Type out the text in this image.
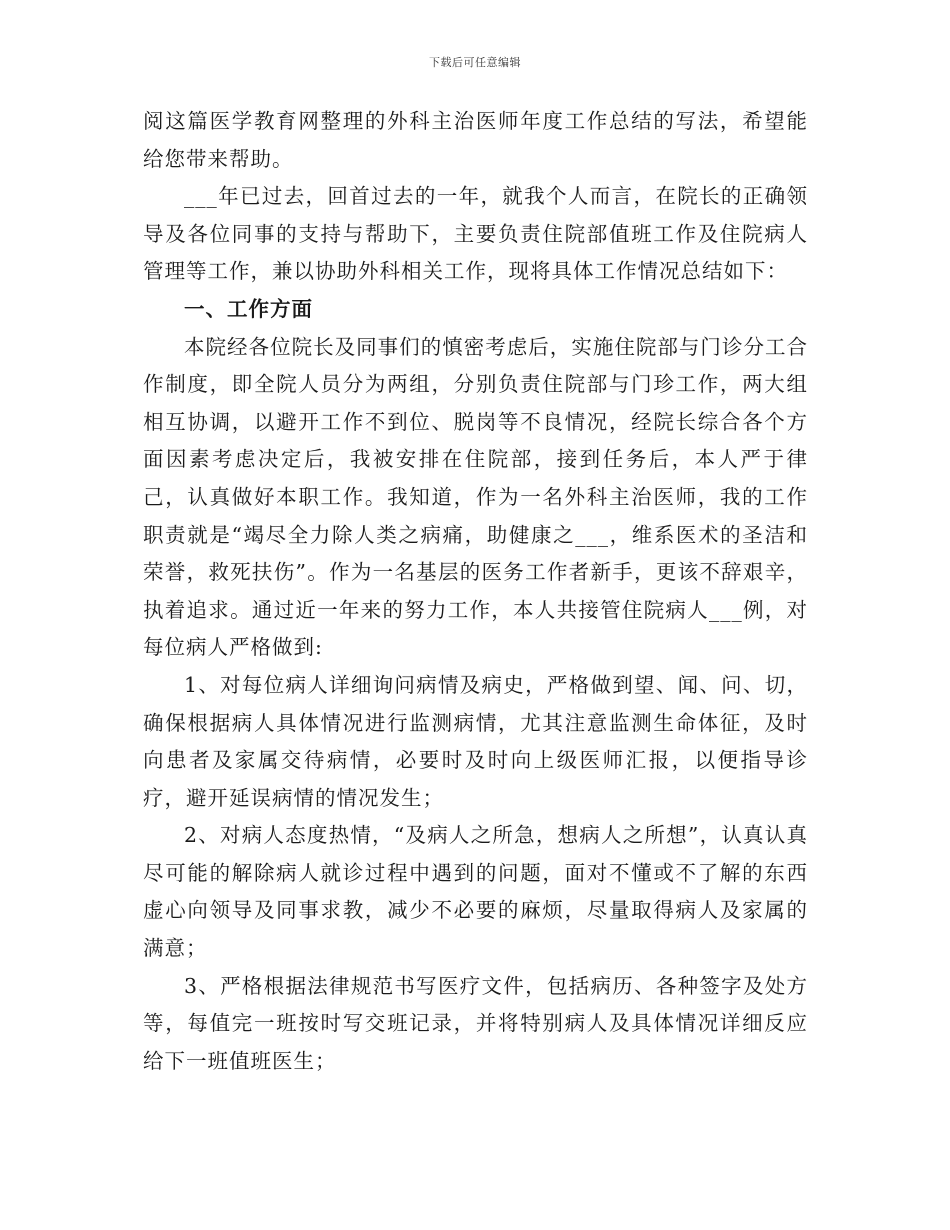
下载后可任意编辑

阅这篇医学教育网整理的外科主治医师年度工作总结的写法，希望能给您带来帮助。

___年已过去，回首过去的一年，就我个人而言，在院长的正确领导及各位同事的支持与帮助下，主要负责住院部值班工作及住院病人管理等工作，兼以协助外科相关工作，现将具体工作情况总结如下：

一、工作方面

本院经各位院长及同事们的慎密考虑后，实施住院部与门诊分工合作制度，即全院人员分为两组，分别负责住院部与门珍工作，两大组相互协调，以避开工作不到位、脱岗等不良情况，经院长综合各个方面因素考虑决定后，我被安排在住院部，接到任务后，本人严于律己，认真做好本职工作。我知道，作为一名外科主治医师，我的工作职责就是“竭尽全力除人类之病痛，助健康之___，维系医术的圣洁和荣誉，救死扶伤”。作为一名基层的医务工作者新手，更该不辞艰辛，执着追求。通过近一年来的努力工作，本人共接管住院病人___例，对每位病人严格做到:

1、对每位病人详细询问病情及病史，严格做到望、闻、问、切，确保根据病人具体情况进行监测病情，尤其注意监测生命体征，及时向患者及家属交待病情，必要时及时向上级医师汇报，以便指导诊疗，避开延误病情的情况发生；

2、对病人态度热情，“及病人之所急，想病人之所想”，认真认真尽可能的解除病人就诊过程中遇到的问题，面对不懂或不了解的东西虚心向领导及同事求教，减少不必要的麻烦，尽量取得病人及家属的满意；

3、严格根据法律规范书写医疗文件，包括病历、各种签字及处方等，每值完一班按时写交班记录，并将特别病人及具体情况详细反应给下一班值班医生；
